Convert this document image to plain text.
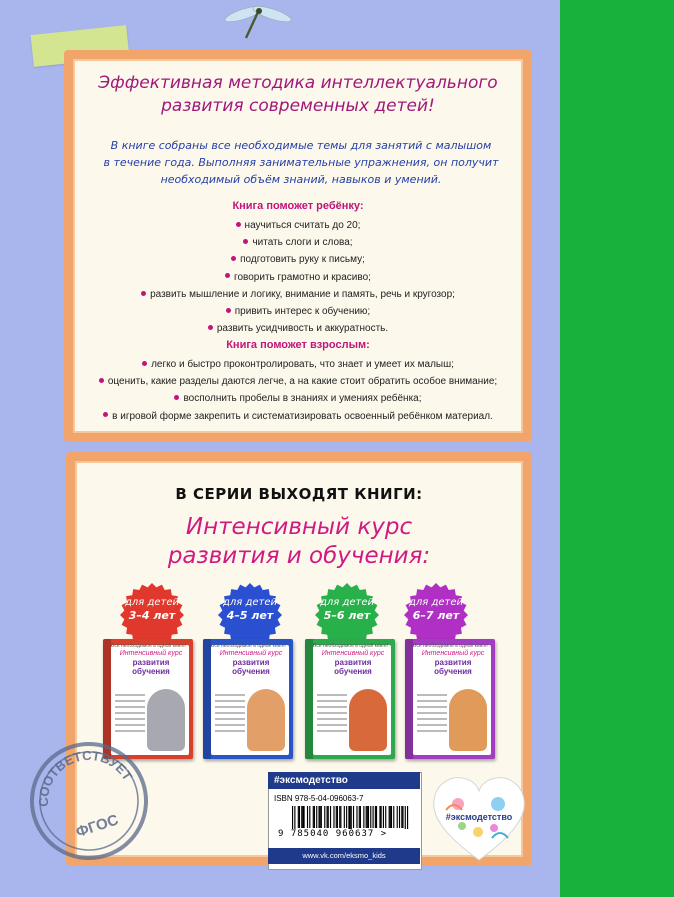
Эффективная методика интеллектуального
развития современных детей!
В книге собраны все необходимые темы для занятий с малышом
в течение года. Выполняя занимательные упражнения, он получит
необходимый объём знаний, навыков и умений.
Книга поможет ребёнку:
научиться считать до 20;
читать слоги и слова;
подготовить руку к письму;
говорить грамотно и красиво;
развить мышление и логику, внимание и память, речь и кругозор;
привить интерес к обучению;
развить усидчивость и аккуратность.
Книга поможет взрослым:
легко и быстро проконтролировать, что знает и умеет их малыш;
оценить, какие разделы даются легче, а на какие стоит обратить особое внимание;
восполнить пробелы в знаниях и умениях ребёнка;
в игровой форме закрепить и систематизировать освоенный ребёнком материал.
В СЕРИИ ВЫХОДЯТ КНИГИ:
Интенсивный курс
развития и обучения:
для детей
3–4 лет
для детей
4–5 лет
для детей
5–6 лет
для детей
6–7 лет
Всё необходимое в одной книге!
Интенсивный курс
развития
обучения
Всё необходимое в одной книге!
Интенсивный курс
развития
обучения
Всё необходимое в одной книге!
Интенсивный курс
развития
обучения
Всё необходимое в одной книге!
Интенсивный курс
развития
обучения
СООТВЕТСТВУЕТ
ФГОС
#эксмодетство
ISBN 978-5-04-096063-7
9 785040 960637 >
www.vk.com/eksmo_kids
#эксмодетство
